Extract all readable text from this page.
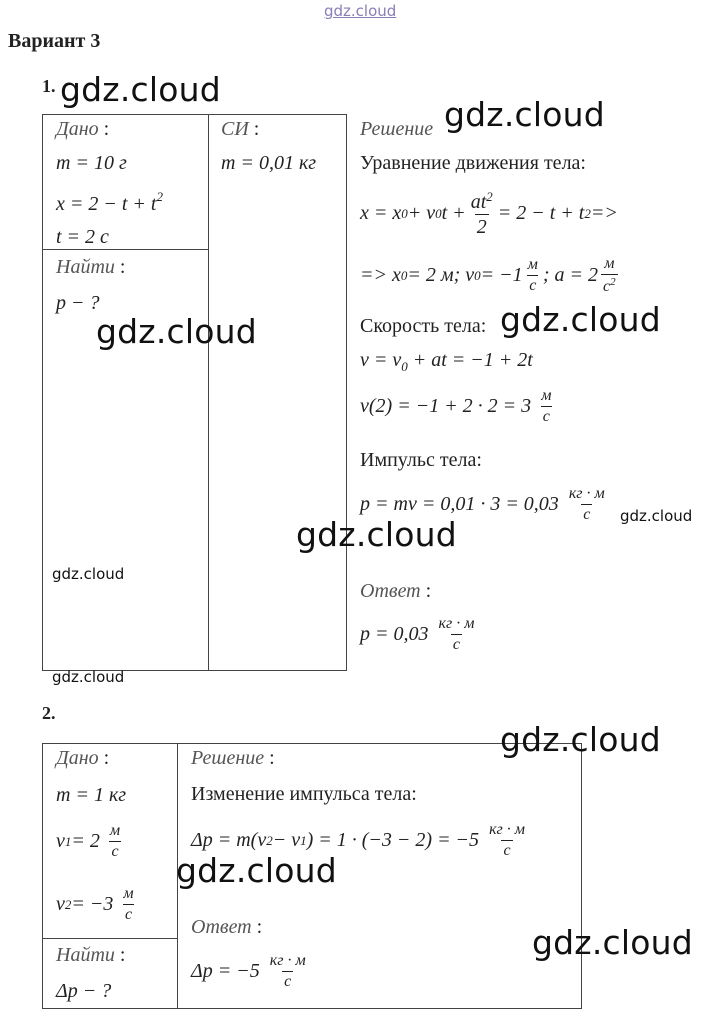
gdz.cloud
Вариант 3
1.
Дано :
m = 10 г
$x = 2 - t + t^2$
t = 2 с
Найти :
p − ?
СИ :
m = 0,01 кг
Решение
Уравнение движения тела:
x = x 0 + v 0 $t + \frac{at^2}{2} = 2 - t + t$ 2 =>
=> x 0 = 2 м; v $0 = -1 \frac{м}{с}$ ; $a = 2 \frac{м}{с^2}$
Скорость тела:
$v = v_0$ + at = −1 + 2t
$v(2) = -1 + 2 \cdot 2 = 3 \frac{м}{с}$
Импульс тела:
p = mv = $0,01 \cdot 3 = 0,03 \frac{кг \cdot м}{с}$
Ответ :
$p = 0,03 \frac{кг \cdot м}{с}$
2.
Дано :
m = 1 кг
v $1 = 2 \frac{м}{с}$
v $2 = -3 \frac{м}{с}$
Найти :
Δp − ?
Решение :
Изменение импульса тела:
Δp = m(v 2 − v 1 ) = $1 \cdot (-3 - 2) = -5 \frac{кг \cdot м}{с}$
Ответ :
$\Delta p = -5 \frac{кг \cdot м}{с}$
gdz.cloud
gdz.cloud
gdz.cloud	gdz.cloud
gdz.cloud
gdz.cloud
gdz.cloud
gdz.cloud
gdz.cloud
gdz.cloud
gdz.cloud
